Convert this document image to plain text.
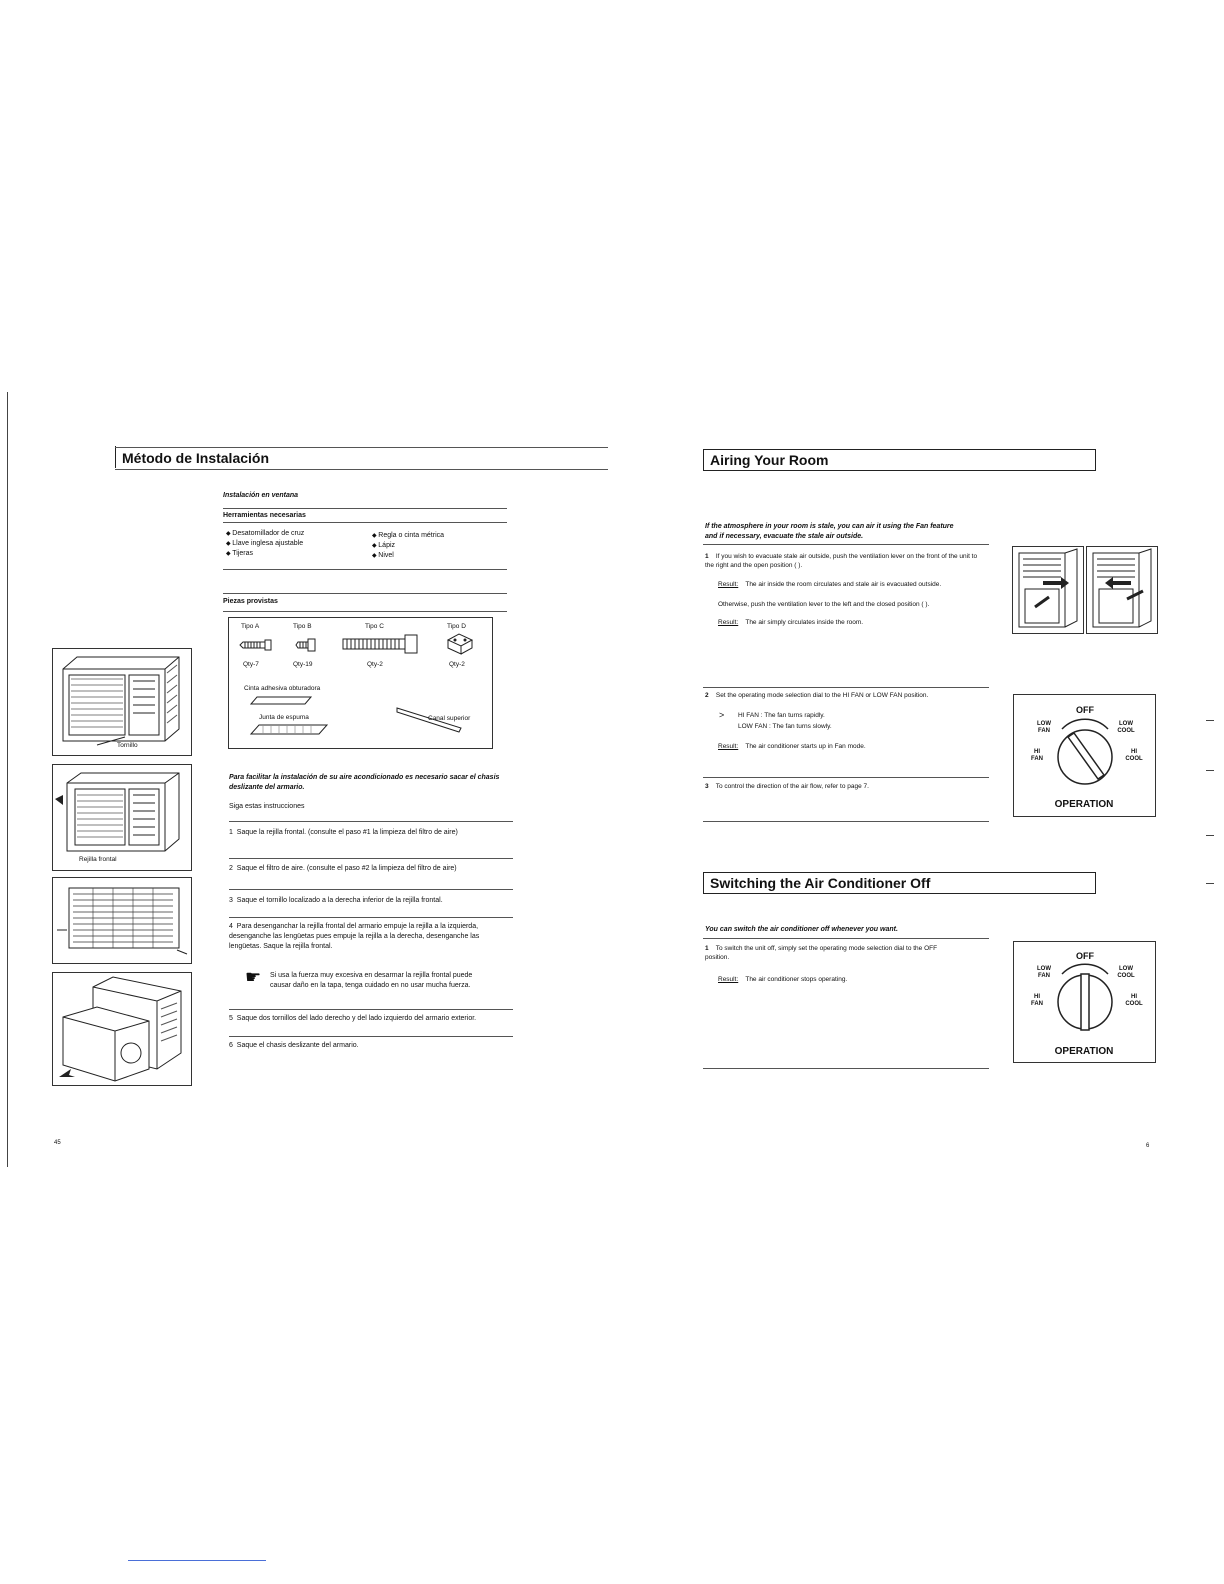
Método de Instalación
Instalación en ventana
Herramientas necesarias
◆ Desatornillador de cruz
◆ Llave inglesa ajustable
◆ Tijeras
◆ Regla o cinta métrica
◆ Lápiz
◆ Nivel
Piezas provistas
Tipo A	Tipo B	Tipo C	Tipo D
Qty-7	Qty-19	Qty-2	Qty-2
Cinta adhesiva obturadora
Junta de espuma	Canal superior
Para facilitar la instalación de su aire acondicionado es necesario sacar el chasis deslizante del armario.
Siga estas instrucciones
1 Saque la rejilla frontal. (consulte el paso #1 la limpieza del filtro de aire)
2 Saque el filtro de aire. (consulte el paso #2 la limpieza del filtro de aire)
3 Saque el tornillo localizado a la derecha inferior de la rejilla frontal.
4 Para desenganchar la rejilla frontal del armario empuje la rejilla a la izquierda, desenganche las lengüetas pues empuje la rejilla a la derecha, desenganche las lengüetas. Saque la rejilla frontal.
☛ Si usa la fuerza muy excesiva en desarmar la rejilla frontal puede causar daño en la tapa, tenga cuidado en no usar mucha fuerza.
5 Saque dos tornillos del lado derecho y del lado izquierdo del armario exterior.
6 Saque el chasis deslizante del armario.
Tornillo
Rejilla frontal
45
Airing Your Room
If the atmosphere in your room is stale, you can air it using the Fan feature and if necessary, evacuate the stale air outside.
1 If you wish to evacuate stale air outside, push the ventilation lever on the front of the unit to the right and the open position ( ).
Result: The air inside the room circulates and stale air is evacuated outside.
Otherwise, push the ventilation lever to the left and the closed position ( ).
Result: The air simply circulates inside the room.
2 Set the operating mode selection dial to the HI FAN or LOW FAN position.
> HI FAN : The fan turns rapidly.
LOW FAN : The fan turns slowly.
Result: The air conditioner starts up in Fan mode.
3 To control the direction of the air flow, refer to page 7.
OFF
LOW FAN
LOW COOL
HI FAN
HI COOL
OPERATION
Switching the Air Conditioner Off
You can switch the air conditioner off whenever you want.
1 To switch the unit off, simply set the operating mode selection dial to the OFF position.
Result: The air conditioner stops operating.
OFF
LOW FAN
LOW COOL
HI FAN
HI COOL
OPERATION
6
